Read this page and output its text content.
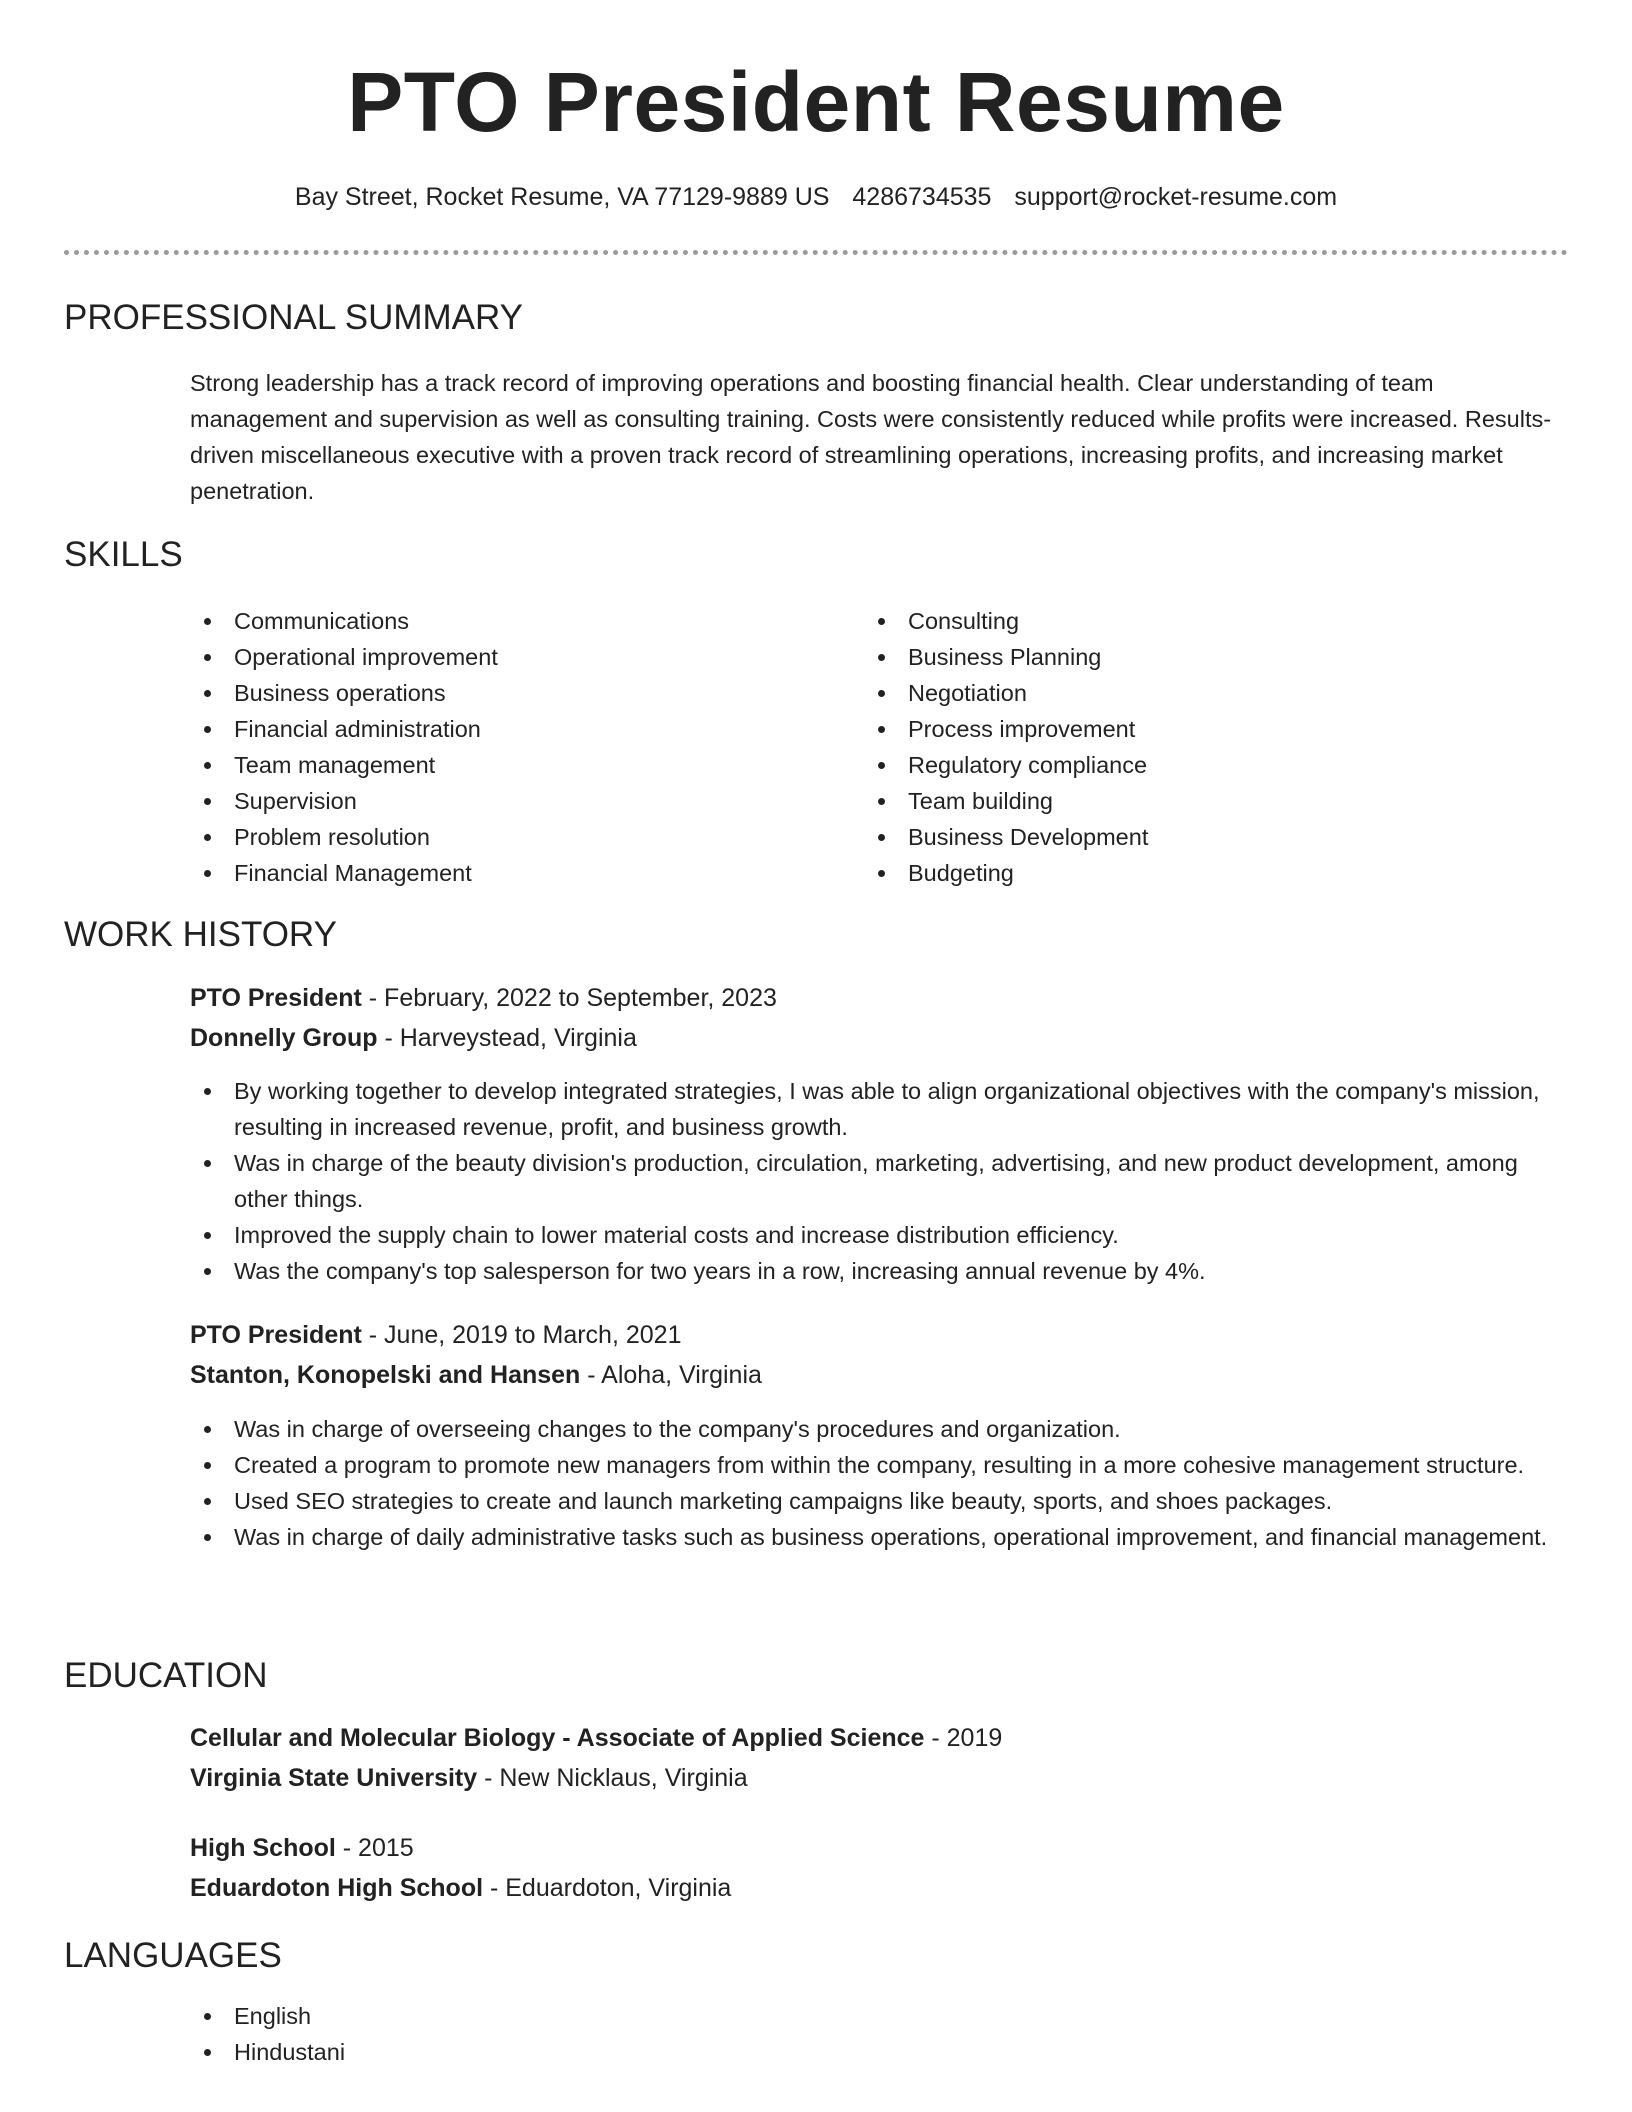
PTO President Resume
Bay Street, Rocket Resume, VA 77129-9889 US 4286734535 support@rocket-resume.com
PROFESSIONAL SUMMARY

Strong leadership has a track record of improving operations and boosting financial health. Clear understanding of team management and supervision as well as consulting training. Costs were consistently reduced while profits were increased. Results-driven miscellaneous executive with a proven track record of streamlining operations, increasing profits, and increasing market penetration.

SKILLS
Communications
Operational improvement
Business operations
Financial administration
Team management
Supervision
Problem resolution
Financial Management
Consulting
Business Planning
Negotiation
Process improvement
Regulatory compliance
Team building
Business Development
Budgeting
WORK HISTORY
PTO President - February, 2022 to September, 2023
Donnelly Group - Harveystead, Virginia
By working together to develop integrated strategies, I was able to align organizational objectives with the company's mission, resulting in increased revenue, profit, and business growth.
Was in charge of the beauty division's production, circulation, marketing, advertising, and new product development, among other things.
Improved the supply chain to lower material costs and increase distribution efficiency.
Was the company's top salesperson for two years in a row, increasing annual revenue by 4%.
PTO President - June, 2019 to March, 2021
Stanton, Konopelski and Hansen - Aloha, Virginia
Was in charge of overseeing changes to the company's procedures and organization.
Created a program to promote new managers from within the company, resulting in a more cohesive management structure.
Used SEO strategies to create and launch marketing campaigns like beauty, sports, and shoes packages.
Was in charge of daily administrative tasks such as business operations, operational improvement, and financial management.
EDUCATION
Cellular and Molecular Biology - Associate of Applied Science - 2019
Virginia State University - New Nicklaus, Virginia
High School - 2015
Eduardoton High School - Eduardoton, Virginia
LANGUAGES
English
Hindustani
